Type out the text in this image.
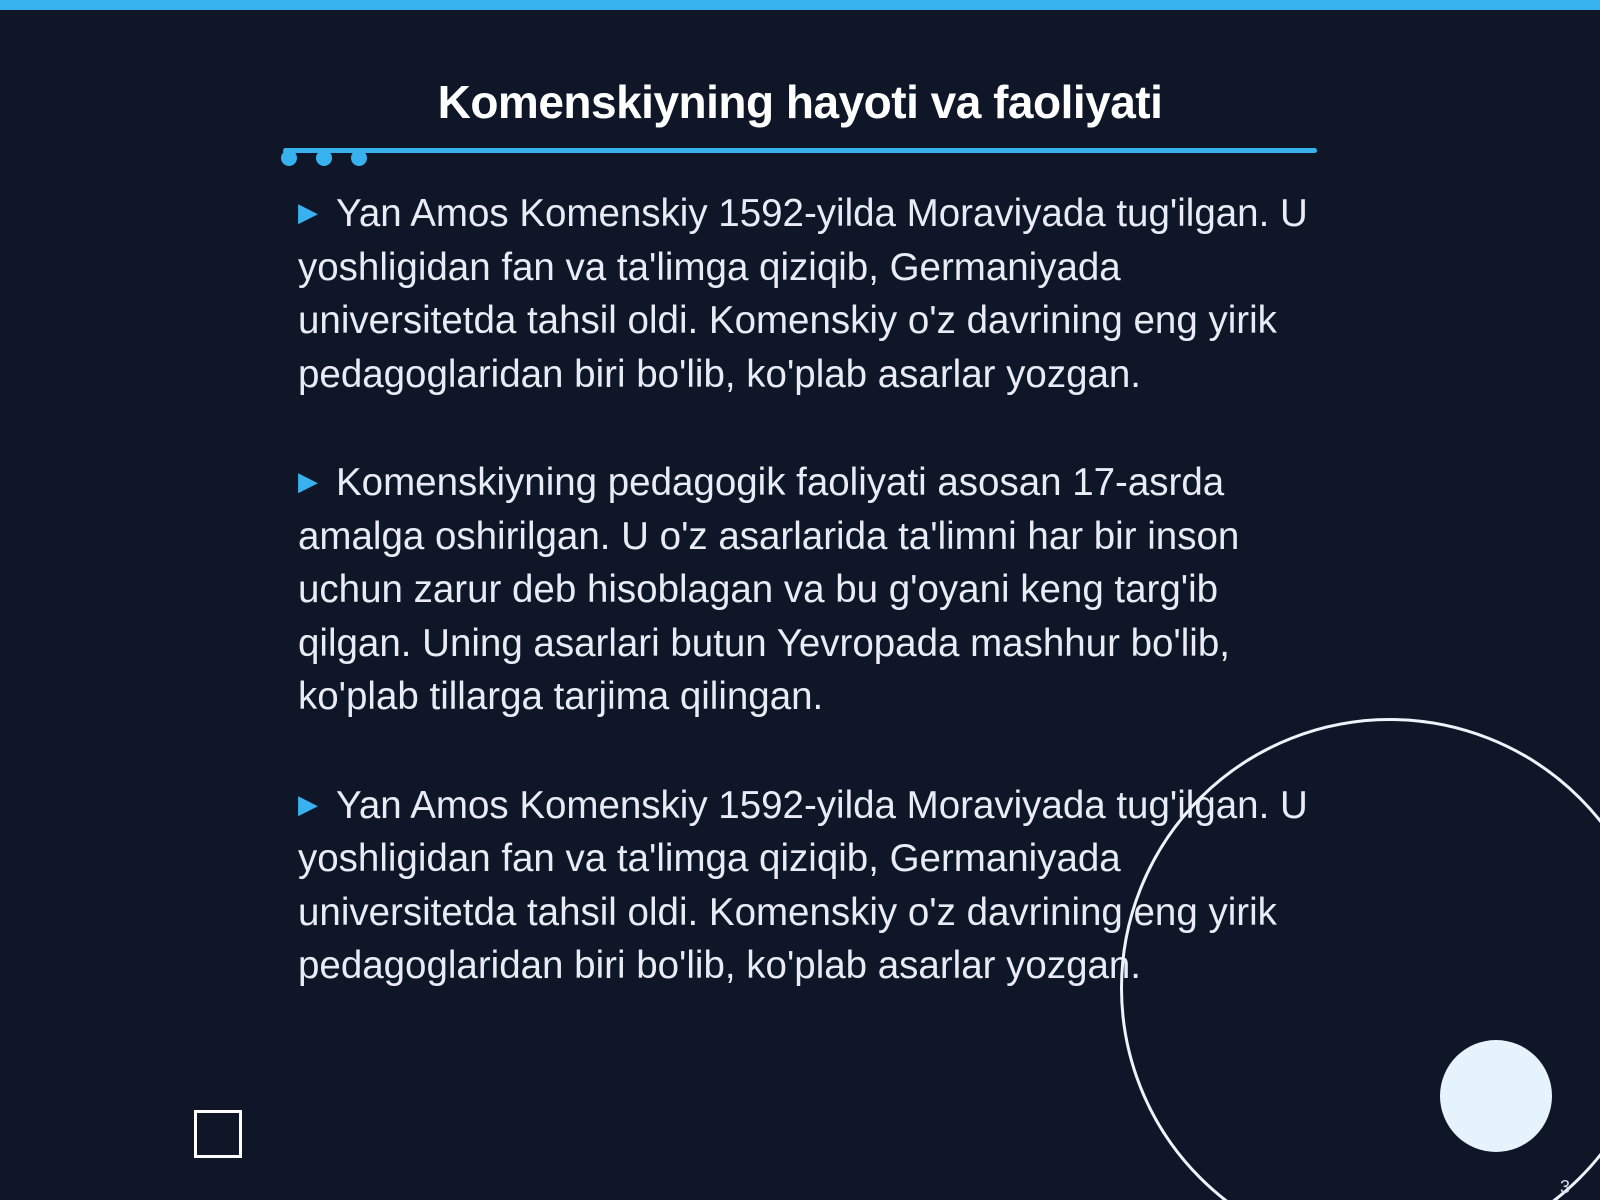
Komenskiyning hayoti va faoliyati

▶ Yan Amos Komenskiy 1592-yilda Moraviyada tug'ilgan. U yoshligidan fan va ta'limga qiziqib, Germaniyada universitetda tahsil oldi. Komenskiy o'z davrining eng yirik pedagoglaridan biri bo'lib, ko'plab asarlar yozgan.

▶ Komenskiyning pedagogik faoliyati asosan 17-asrda amalga oshirilgan. U o'z asarlarida ta'limni har bir inson uchun zarur deb hisoblagan va bu g'oyani keng targ'ib qilgan. Uning asarlari butun Yevropada mashhur bo'lib, ko'plab tillarga tarjima qilingan.

▶ Yan Amos Komenskiy 1592-yilda Moraviyada tug'ilgan. U yoshligidan fan va ta'limga qiziqib, Germaniyada universitetda tahsil oldi. Komenskiy o'z davrining eng yirik pedagoglaridan biri bo'lib, ko'plab asarlar yozgan.

3
